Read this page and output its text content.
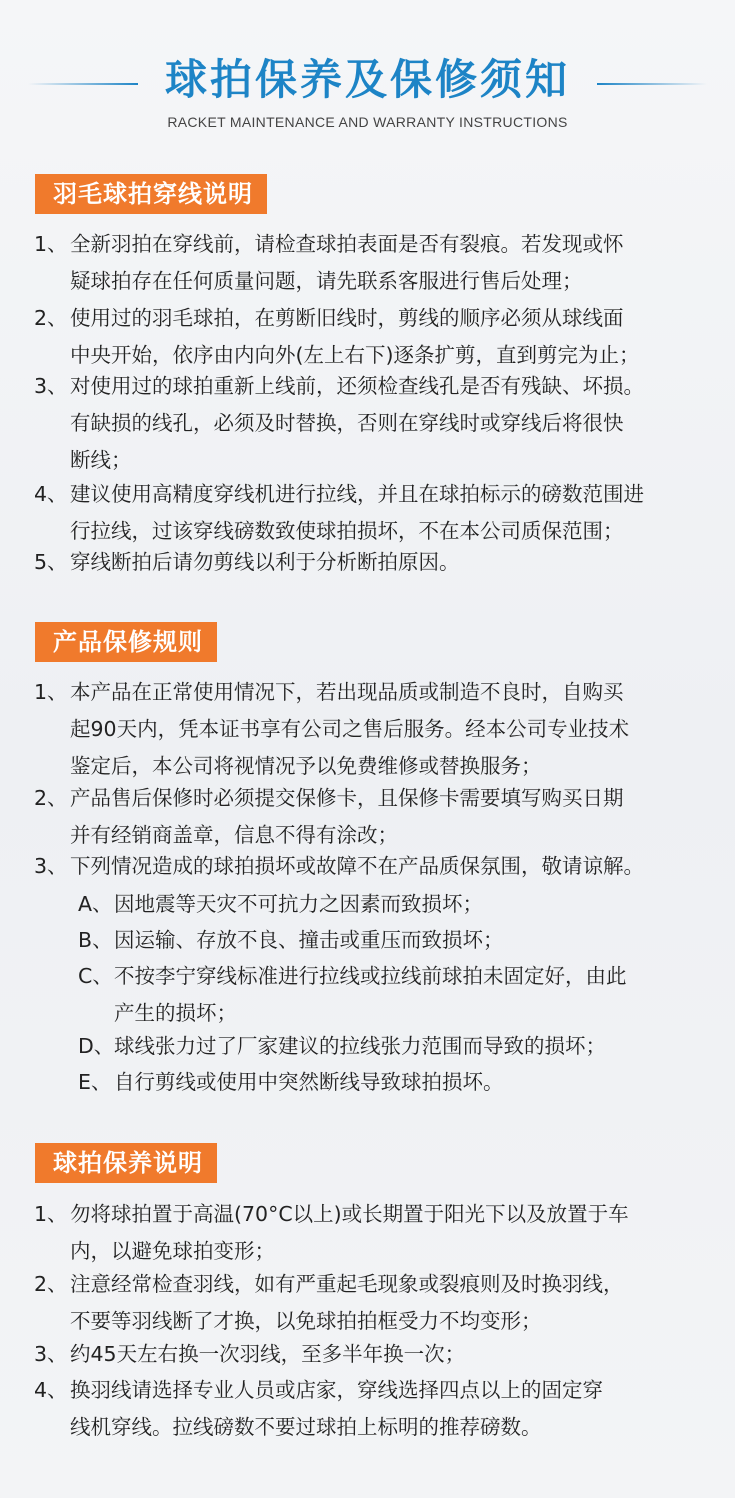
球拍保养及保修须知
RACKET MAINTENANCE AND WARRANTY INSTRUCTIONS
羽毛球拍穿线说明
1、 全新羽拍在穿线前，请检查球拍表面是否有裂痕。若发现或怀
疑球拍存在任何质量问题，请先联系客服进行售后处理；
2、 使用过的羽毛球拍，在剪断旧线时，剪线的顺序必须从球线面
中央开始，依序由内向外(左上右下)逐条扩剪，直到剪完为止；
3、 对使用过的球拍重新上线前，还须检查线孔是否有残缺、坏损。
有缺损的线孔，必须及时替换，否则在穿线时或穿线后将很快
断线；
4、 建议使用高精度穿线机进行拉线，并且在球拍标示的磅数范围进
行拉线，过该穿线磅数致使球拍损坏，不在本公司质保范围；
5、 穿线断拍后请勿剪线以利于分析断拍原因。
产品保修规则
1、 本产品在正常使用情况下，若出现品质或制造不良时，自购买
起90天内，凭本证书享有公司之售后服务。经本公司专业技术
鉴定后，本公司将视情况予以免费维修或替换服务；
2、 产品售后保修时必须提交保修卡，且保修卡需要填写购买日期
并有经销商盖章，信息不得有涂改；
3、 下列情况造成的球拍损坏或故障不在产品质保氛围，敬请谅解。
A、因地震等天灾不可抗力之因素而致损坏；
B、因运输、存放不良、撞击或重压而致损坏；
C、不按李宁穿线标准进行拉线或拉线前球拍未固定好，由此
产生的损坏；
D、球线张力过了厂家建议的拉线张力范围而导致的损坏；
E、 自行剪线或使用中突然断线导致球拍损坏。
球拍保养说明
1、 勿将球拍置于高温(70°C以上)或长期置于阳光下以及放置于车
内，以避免球拍变形；
2、 注意经常检查羽线，如有严重起毛现象或裂痕则及时换羽线，
不要等羽线断了才换，以免球拍拍框受力不均变形；
3、 约45天左右换一次羽线，至多半年换一次；
4、 换羽线请选择专业人员或店家，穿线选择四点以上的固定穿
线机穿线。拉线磅数不要过球拍上标明的推荐磅数。
